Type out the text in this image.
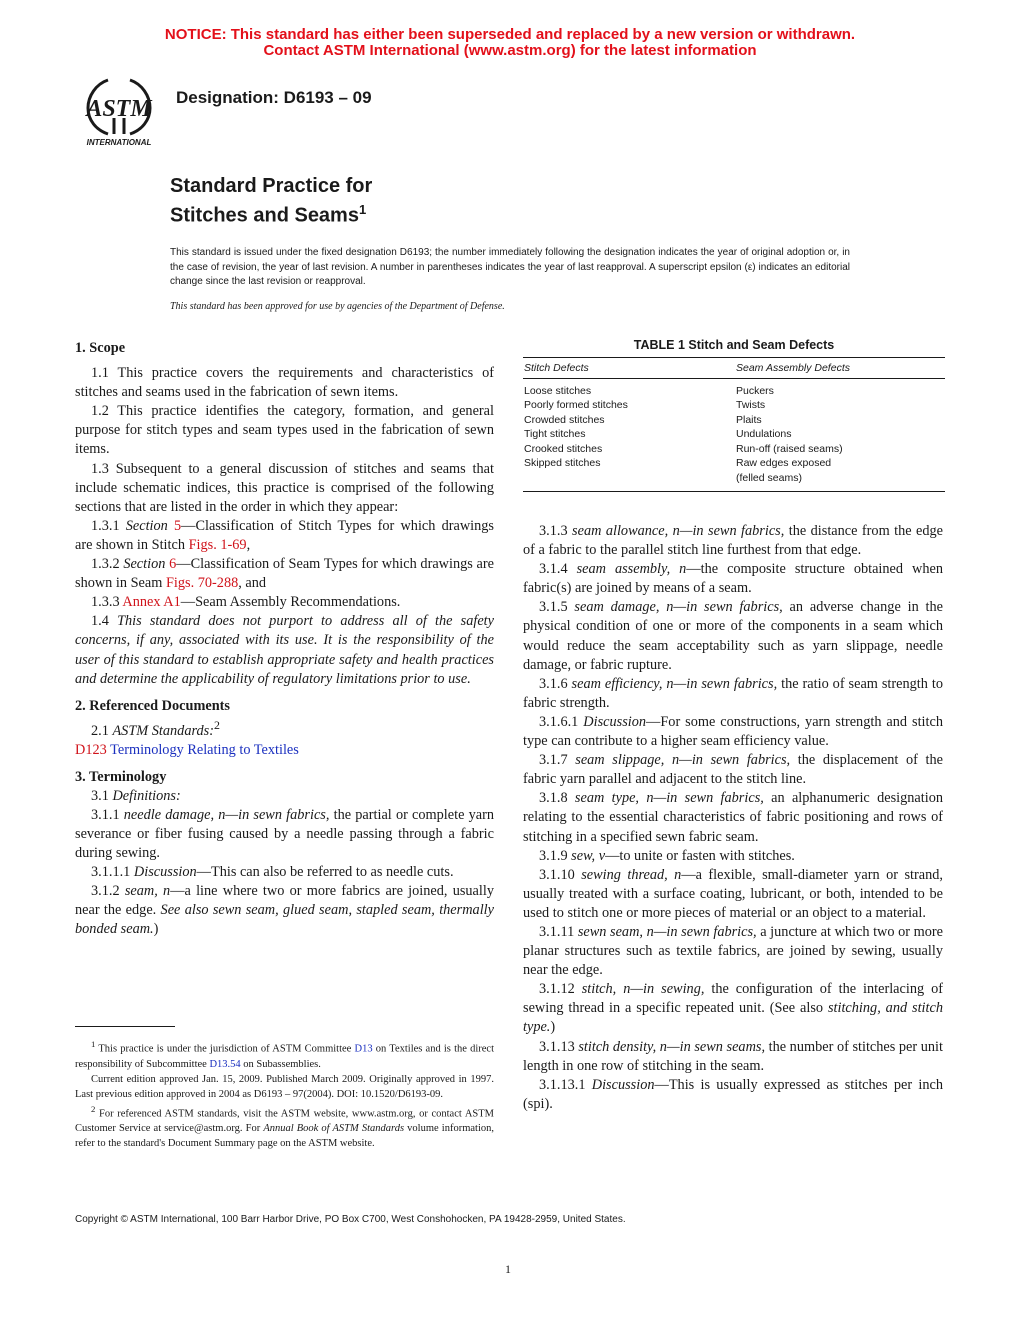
NOTICE: This standard has either been superseded and replaced by a new version or withdrawn.
Contact ASTM International (www.astm.org) for the latest information
ASTM
INTERNATIONAL
Designation: D6193 – 09
Standard Practice for
Stitches and Seams$^1$
This standard is issued under the fixed designation D6193; the number immediately following the designation indicates the year of original adoption or, in the case of revision, the year of last revision. A number in parentheses indicates the year of last reapproval. A superscript epsilon (ε) indicates an editorial change since the last revision or reapproval.
This standard has been approved for use by agencies of the Department of Defense.
1. Scope

1.1 This practice covers the requirements and characteristics of stitches and seams used in the fabrication of sewn items.

1.2 This practice identifies the category, formation, and general purpose for stitch types and seam types used in the fabrication of sewn items.

1.3 Subsequent to a general discussion of stitches and seams that include schematic indices, this practice is comprised of the following sections that are listed in the order in which they appear:

1.3.1 Section 5—Classification of Stitch Types for which drawings are shown in Stitch Figs. 1-69,

1.3.2 Section 6—Classification of Seam Types for which drawings are shown in Seam Figs. 70-288, and

1.3.3 Annex A1—Seam Assembly Recommendations.

1.4 This standard does not purport to address all of the safety concerns, if any, associated with its use. It is the responsibility of the user of this standard to establish appropriate safety and health practices and determine the applicability of regulatory limitations prior to use.

2. Referenced Documents

2.1 ASTM Standards:$^2$

D123 Terminology Relating to Textiles

3. Terminology

3.1 Definitions:

3.1.1 needle damage, n—in sewn fabrics, the partial or complete yarn severance or fiber fusing caused by a needle passing through a fabric during sewing.

3.1.1.1 Discussion—This can also be referred to as needle cuts.

3.1.2 seam, n—a line where two or more fabrics are joined, usually near the edge. See also sewn seam, glued seam, stapled seam, thermally bonded seam.)

TABLE 1 Stitch and Seam Defects
Stitch Defects	Seam Assembly Defects
Loose stitches	Puckers
Poorly formed stitches	Twists
Crowded stitches	Plaits
Tight stitches	Undulations
Crooked stitches	Run-off (raised seams)
Skipped stitches	Raw edges exposed
	(felled seams)

3.1.3 seam allowance, n—in sewn fabrics, the distance from the edge of a fabric to the parallel stitch line furthest from that edge.

3.1.4 seam assembly, n—the composite structure obtained when fabric(s) are joined by means of a seam.

3.1.5 seam damage, n—in sewn fabrics, an adverse change in the physical condition of one or more of the components in a seam which would reduce the seam acceptability such as yarn slippage, needle damage, or fabric rupture.

3.1.6 seam efficiency, n—in sewn fabrics, the ratio of seam strength to fabric strength.

3.1.6.1 Discussion—For some constructions, yarn strength and stitch type can contribute to a higher seam efficiency value.

3.1.7 seam slippage, n—in sewn fabrics, the displacement of the fabric yarn parallel and adjacent to the stitch line.

3.1.8 seam type, n—in sewn fabrics, an alphanumeric designation relating to the essential characteristics of fabric positioning and rows of stitching in a specified sewn fabric seam.

3.1.9 sew, v—to unite or fasten with stitches.

3.1.10 sewing thread, n—a flexible, small-diameter yarn or strand, usually treated with a surface coating, lubricant, or both, intended to be used to stitch one or more pieces of material or an object to a material.

3.1.11 sewn seam, n—in sewn fabrics, a juncture at which two or more planar structures such as textile fabrics, are joined by sewing, usually near the edge.

3.1.12 stitch, n—in sewing, the configuration of the interlacing of sewing thread in a specific repeated unit. (See also stitching, and stitch type.)

3.1.13 stitch density, n—in sewn seams, the number of stitches per unit length in one row of stitching in the seam.

3.1.13.1 Discussion—This is usually expressed as stitches per inch (spi).

$^1$ This practice is under the jurisdiction of ASTM Committee D13 on Textiles and is the direct responsibility of Subcommittee D13.54 on Subassemblies.

Current edition approved Jan. 15, 2009. Published March 2009. Originally approved in 1997. Last previous edition approved in 2004 as D6193 – 97(2004). DOI: 10.1520/D6193-09.

$^2$ For referenced ASTM standards, visit the ASTM website, www.astm.org, or contact ASTM Customer Service at service@astm.org. For Annual Book of ASTM Standards volume information, refer to the standard's Document Summary page on the ASTM website.

Copyright © ASTM International, 100 Barr Harbor Drive, PO Box C700, West Conshohocken, PA 19428-2959, United States.
1
